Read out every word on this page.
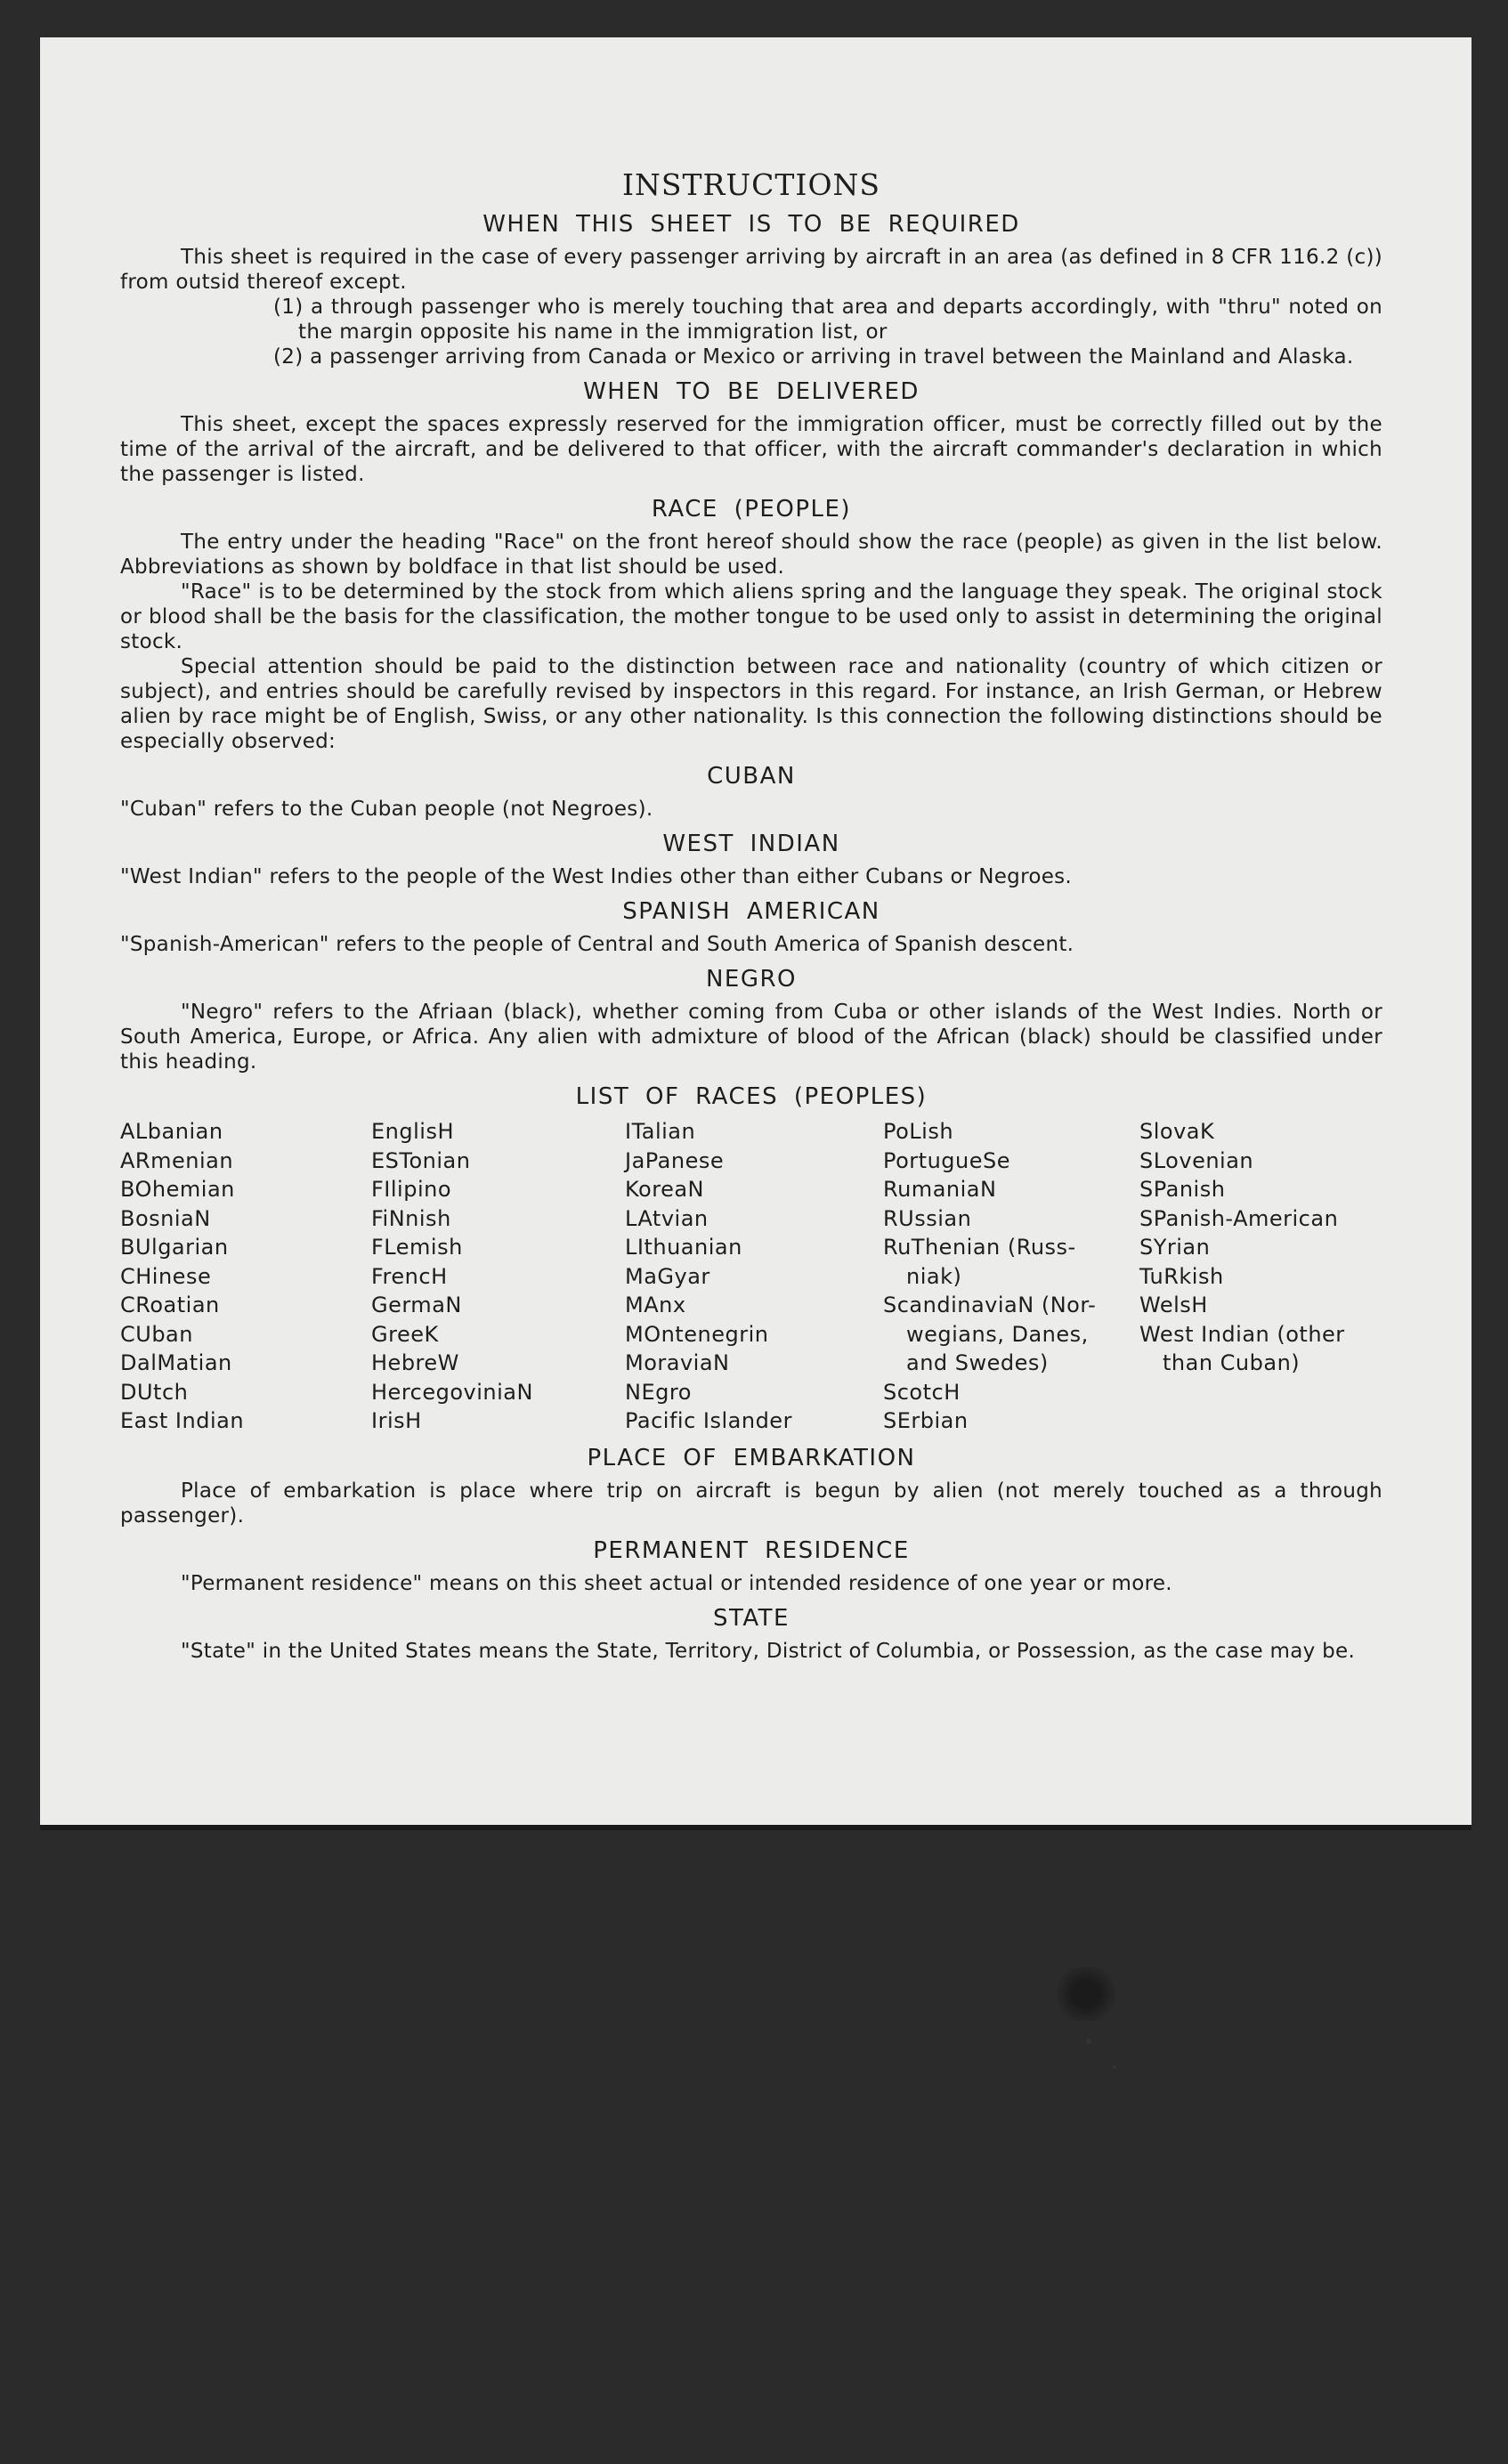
INSTRUCTIONS
WHEN THIS SHEET IS TO BE REQUIRED

This sheet is required in the case of every passenger arriving by aircraft in an area (as defined in 8 CFR 116.2 (c)) from outsid thereof except.

(1) a through passenger who is merely touching that area and departs accordingly, with "thru" noted on the margin opposite his name in the immigration list, or

(2) a passenger arriving from Canada or Mexico or arriving in travel between the Mainland and Alaska.

WHEN TO BE DELIVERED

This sheet, except the spaces expressly reserved for the immigration officer, must be correctly filled out by the time of the arrival of the aircraft, and be delivered to that officer, with the aircraft commander's declaration in which the passenger is listed.

RACE (PEOPLE)

The entry under the heading "Race" on the front hereof should show the race (people) as given in the list below. Abbreviations as shown by boldface in that list should be used.

"Race" is to be determined by the stock from which aliens spring and the language they speak. The original stock or blood shall be the basis for the classification, the mother tongue to be used only to assist in determining the original stock.

Special attention should be paid to the distinction between race and nationality (country of which citizen or subject), and entries should be carefully revised by inspectors in this regard. For instance, an Irish German, or Hebrew alien by race might be of English, Swiss, or any other nationality. Is this connection the following distinctions should be especially observed:

CUBAN

"Cuban" refers to the Cuban people (not Negroes).

WEST INDIAN

"West Indian" refers to the people of the West Indies other than either Cubans or Negroes.

SPANISH AMERICAN

"Spanish-American" refers to the people of Central and South America of Spanish descent.

NEGRO

"Negro" refers to the Afriaan (black), whether coming from Cuba or other islands of the West Indies. North or South America, Europe, or Africa. Any alien with admixture of blood of the African (black) should be classified under this heading.

LIST OF RACES (PEOPLES)
ALbanian
ARmenian
BOhemian
BosniaN
BUlgarian
CHinese
CRoatian
CUban
DalMatian
DUtch
East Indian
EnglisH
ESTonian
FIlipino
FiNnish
FLemish
FrencH
GermaN
GreeK
HebreW
HercegoviniaN
IrisH
ITalian
JaPanese
KoreaN
LAtvian
LIthuanian
MaGyar
MAnx
MOntenegrin
MoraviaN
NEgro
Pacific Islander
PoLish
PortugueSe
RumaniaN
RUssian
RuThenian (Russ-
niak)
ScandinaviaN (Nor-
wegians, Danes,
and Swedes)
ScotcH
SErbian
SlovaK
SLovenian
SPanish
SPanish-American
SYrian
TuRkish
WelsH
West Indian (other
than Cuban)
PLACE OF EMBARKATION

Place of embarkation is place where trip on aircraft is begun by alien (not merely touched as a through passenger).

PERMANENT RESIDENCE

"Permanent residence" means on this sheet actual or intended residence of one year or more.

STATE

"State" in the United States means the State, Territory, District of Columbia, or Possession, as the case may be.
